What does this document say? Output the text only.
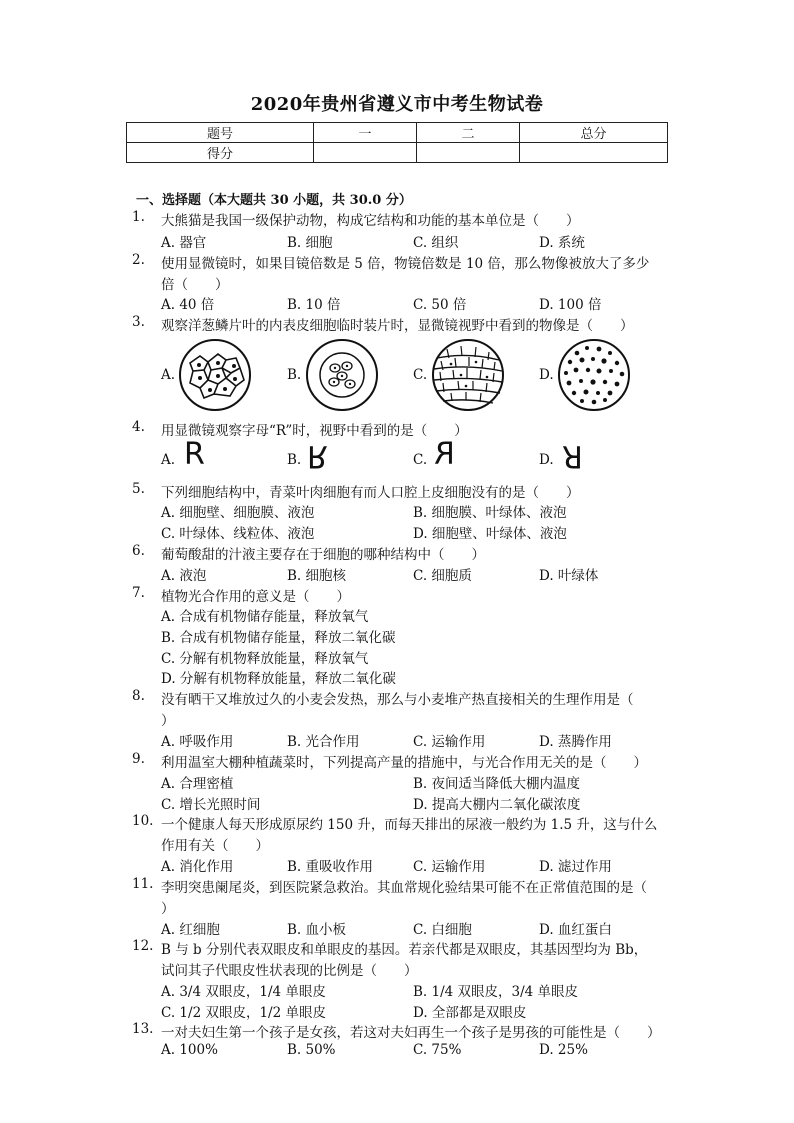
2020年贵州省遵义市中考生物试卷
题号	一	二	总分
得分			
一、选择题（本大题共 30 小题，共 30.0 分）
1.	大熊猫是我国一级保护动物，构成它结构和功能的基本单位是（　　）
A. 器官	B. 细胞	C. 组织	D. 系统
2.	使用显微镜时，如果目镜倍数是 5 倍，物镜倍数是 10 倍，那么物像被放大了多少
倍（　　）
A. 40 倍	B. 10 倍	C. 50 倍	D. 100 倍
3.	观察洋葱鳞片叶的内表皮细胞临时装片时，显微镜视野中看到的物像是（　　）
A.	B.	C.	D.
4.	用显微镜观察字母“R”时，视野中看到的是（　　）
A.	B.	C.	D.
R	R	R	R
5.	下列细胞结构中，青菜叶肉细胞有而人口腔上皮细胞没有的是（　　）
A. 细胞壁、细胞膜、液泡	B. 细胞膜、叶绿体、液泡
C. 叶绿体、线粒体、液泡	D. 细胞壁、叶绿体、液泡
6.	葡萄酸甜的汁液主要存在于细胞的哪种结构中（　　）
A. 液泡	B. 细胞核	C. 细胞质	D. 叶绿体
7.	植物光合作用的意义是（　　）
A. 合成有机物储存能量，释放氧气
B. 合成有机物储存能量，释放二氧化碳
C. 分解有机物释放能量，释放氧气
D. 分解有机物释放能量，释放二氧化碳
8.	没有晒干又堆放过久的小麦会发热，那么与小麦堆产热直接相关的生理作用是（
）
A. 呼吸作用	B. 光合作用	C. 运输作用	D. 蒸腾作用
9.	利用温室大棚种植蔬菜时，下列提高产量的措施中，与光合作用无关的是（　　）
A. 合理密植	B. 夜间适当降低大棚内温度
C. 增长光照时间	D. 提高大棚内二氧化碳浓度
10. 一个健康人每天形成原尿约 150 升，而每天排出的尿液一般约为 1.5 升，这与什么
作用有关（　　）
A. 消化作用	B. 重吸收作用	C. 运输作用	D. 滤过作用
11. 李明突患阑尾炎，到医院紧急救治。其血常规化验结果可能不在正常值范围的是（
）
A. 红细胞	B. 血小板	C. 白细胞	D. 血红蛋白
12. B 与 b 分别代表双眼皮和单眼皮的基因。若亲代都是双眼皮，其基因型均为 Bb，
试问其子代眼皮性状表现的比例是（　　）
A. 3/4 双眼皮，1/4 单眼皮	B. 1/4 双眼皮，3/4 单眼皮
C. 1/2 双眼皮，1/2 单眼皮	D. 全部都是双眼皮
13. 一对夫妇生第一个孩子是女孩，若这对夫妇再生一个孩子是男孩的可能性是（　　）
A. 100%	B. 50%	C. 75%	D. 25%
